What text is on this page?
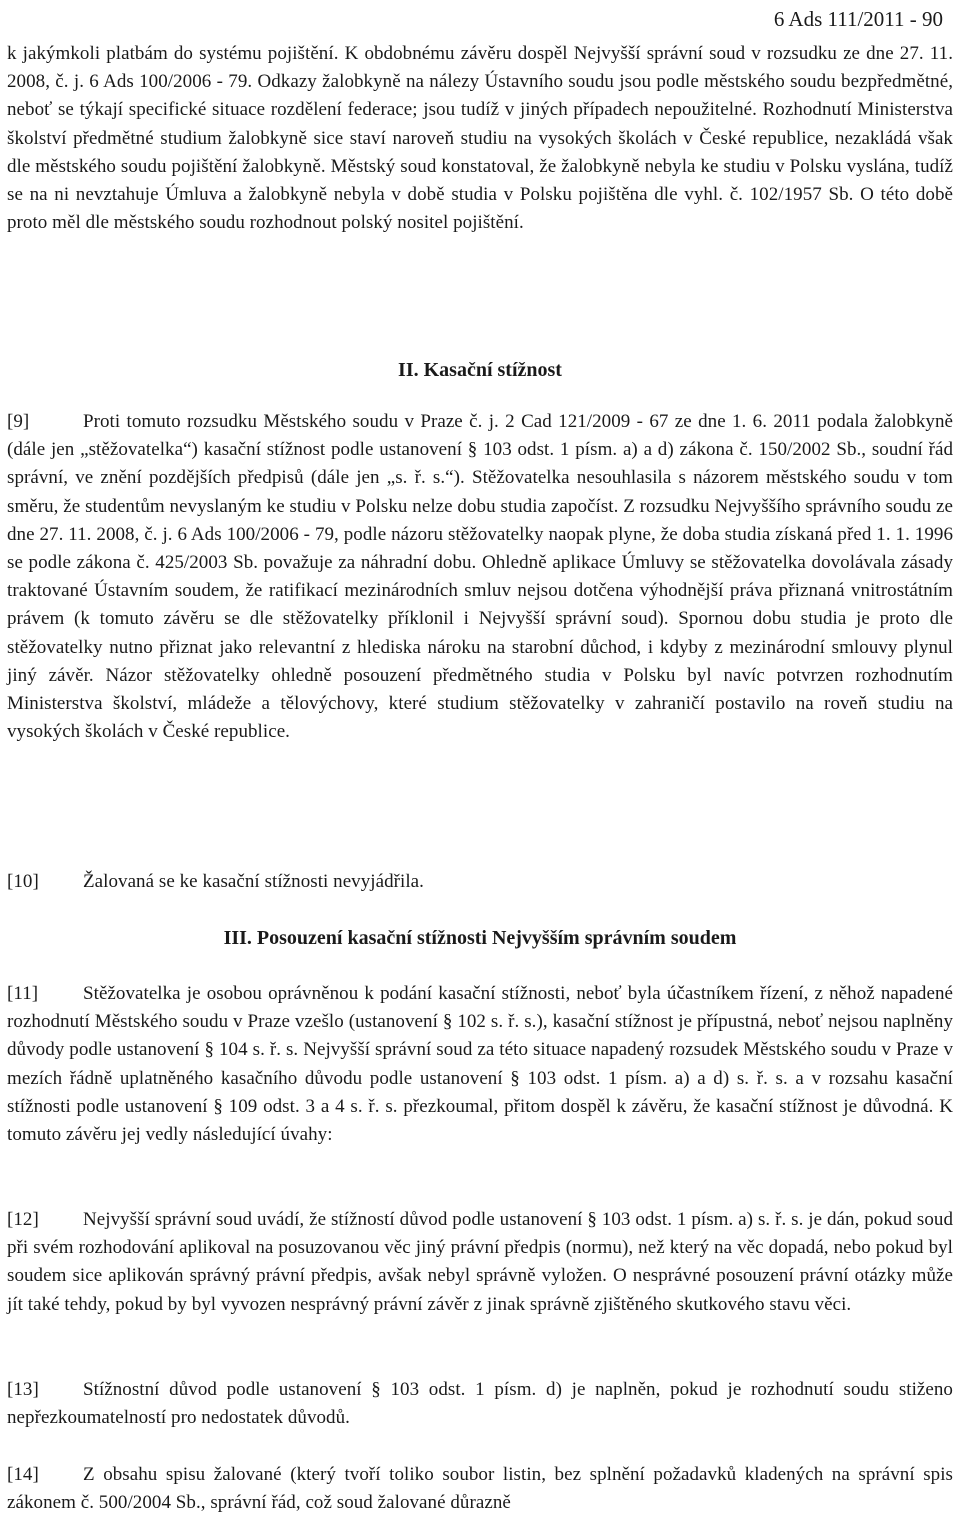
6 Ads 111/2011 - 90

k jakýmkoli platbám do systému pojištění. K obdobnému závěru dospěl Nejvyšší správní soud v rozsudku ze dne 27. 11. 2008, č. j. 6 Ads 100/2006 - 79. Odkazy žalobkyně na nálezy Ústavního soudu jsou podle městského soudu bezpředmětné, neboť se týkají specifické situace rozdělení federace; jsou tudíž v jiných případech nepoužitelné. Rozhodnutí Ministerstva školství předmětné studium žalobkyně sice staví naroveň studiu na vysokých školách v České republice, nezakládá však dle městského soudu pojištění žalobkyně. Městský soud konstatoval, že žalobkyně nebyla ke studiu v Polsku vyslána, tudíž se na ni nevztahuje Úmluva a žalobkyně nebyla v době studia v Polsku pojištěna dle vyhl. č. 102/1957 Sb. O této době proto měl dle městského soudu rozhodnout polský nositel pojištění.

II. Kasační stížnost

[9]	Proti tomuto rozsudku Městského soudu v Praze č. j. 2 Cad 121/2009 - 67 ze dne 1. 6. 2011 podala žalobkyně (dále jen „stěžovatelka“) kasační stížnost podle ustanovení § 103 odst. 1 písm. a) a d) zákona č. 150/2002 Sb., soudní řád správní, ve znění pozdějších předpisů (dále jen „s. ř. s.“). Stěžovatelka nesouhlasila s názorem městského soudu v tom směru, že studentům nevyslaným ke studiu v Polsku nelze dobu studia započíst. Z rozsudku Nejvyššího správního soudu ze dne 27. 11. 2008, č. j. 6 Ads 100/2006 - 79, podle názoru stěžovatelky naopak plyne, že doba studia získaná před 1. 1. 1996 se podle zákona č. 425/2003 Sb. považuje za náhradní dobu. Ohledně aplikace Úmluvy se stěžovatelka dovolávala zásady traktované Ústavním soudem, že ratifikací mezinárodních smluv nejsou dotčena výhodnější práva přiznaná vnitrostátním právem (k tomuto závěru se dle stěžovatelky příklonil i Nejvyšší správní soud). Spornou dobu studia je proto dle stěžovatelky nutno přiznat jako relevantní z hlediska nároku na starobní důchod, i kdyby z mezinárodní smlouvy plynul jiný závěr. Názor stěžovatelky ohledně posouzení předmětného studia v Polsku byl navíc potvrzen rozhodnutím Ministerstva školství, mládeže a tělovýchovy, které studium stěžovatelky v zahraničí postavilo na roveň studiu na vysokých školách v České republice.

[10] Žalovaná se ke kasační stížnosti nevyjádřila.

III. Posouzení kasační stížnosti Nejvyšším správním soudem

[11] Stěžovatelka je osobou oprávněnou k podání kasační stížnosti, neboť byla účastníkem řízení, z něhož napadené rozhodnutí Městského soudu v Praze vzešlo (ustanovení § 102 s. ř. s.), kasační stížnost je přípustná, neboť nejsou naplněny důvody podle ustanovení § 104 s. ř. s. Nejvyšší správní soud za této situace napadený rozsudek Městského soudu v Praze v mezích řádně uplatněného kasačního důvodu podle ustanovení § 103 odst. 1 písm. a) a d) s. ř. s. a v rozsahu kasační stížnosti podle ustanovení § 109 odst. 3 a 4 s. ř. s. přezkoumal, přitom dospěl k závěru, že kasační stížnost je důvodná. K tomuto závěru jej vedly následující úvahy:

[12] Nejvyšší správní soud uvádí, že stížností důvod podle ustanovení § 103 odst. 1 písm. a) s. ř. s. je dán, pokud soud při svém rozhodování aplikoval na posuzovanou věc jiný právní předpis (normu), než který na věc dopadá, nebo pokud byl soudem sice aplikován správný právní předpis, avšak nebyl správně vyložen. O nesprávné posouzení právní otázky může jít také tehdy, pokud by byl vyvozen nesprávný právní závěr z jinak správně zjištěného skutkového stavu věci.

[13] Stížnostní důvod podle ustanovení § 103 odst. 1 písm. d) je naplněn, pokud je rozhodnutí soudu stiženo nepřezkoumatelností pro nedostatek důvodů.

[14] Z obsahu spisu žalované (který tvoří toliko soubor listin, bez splnění požadavků kladených na správní spis zákonem č. 500/2004 Sb., správní řád, což soud žalované důrazně
